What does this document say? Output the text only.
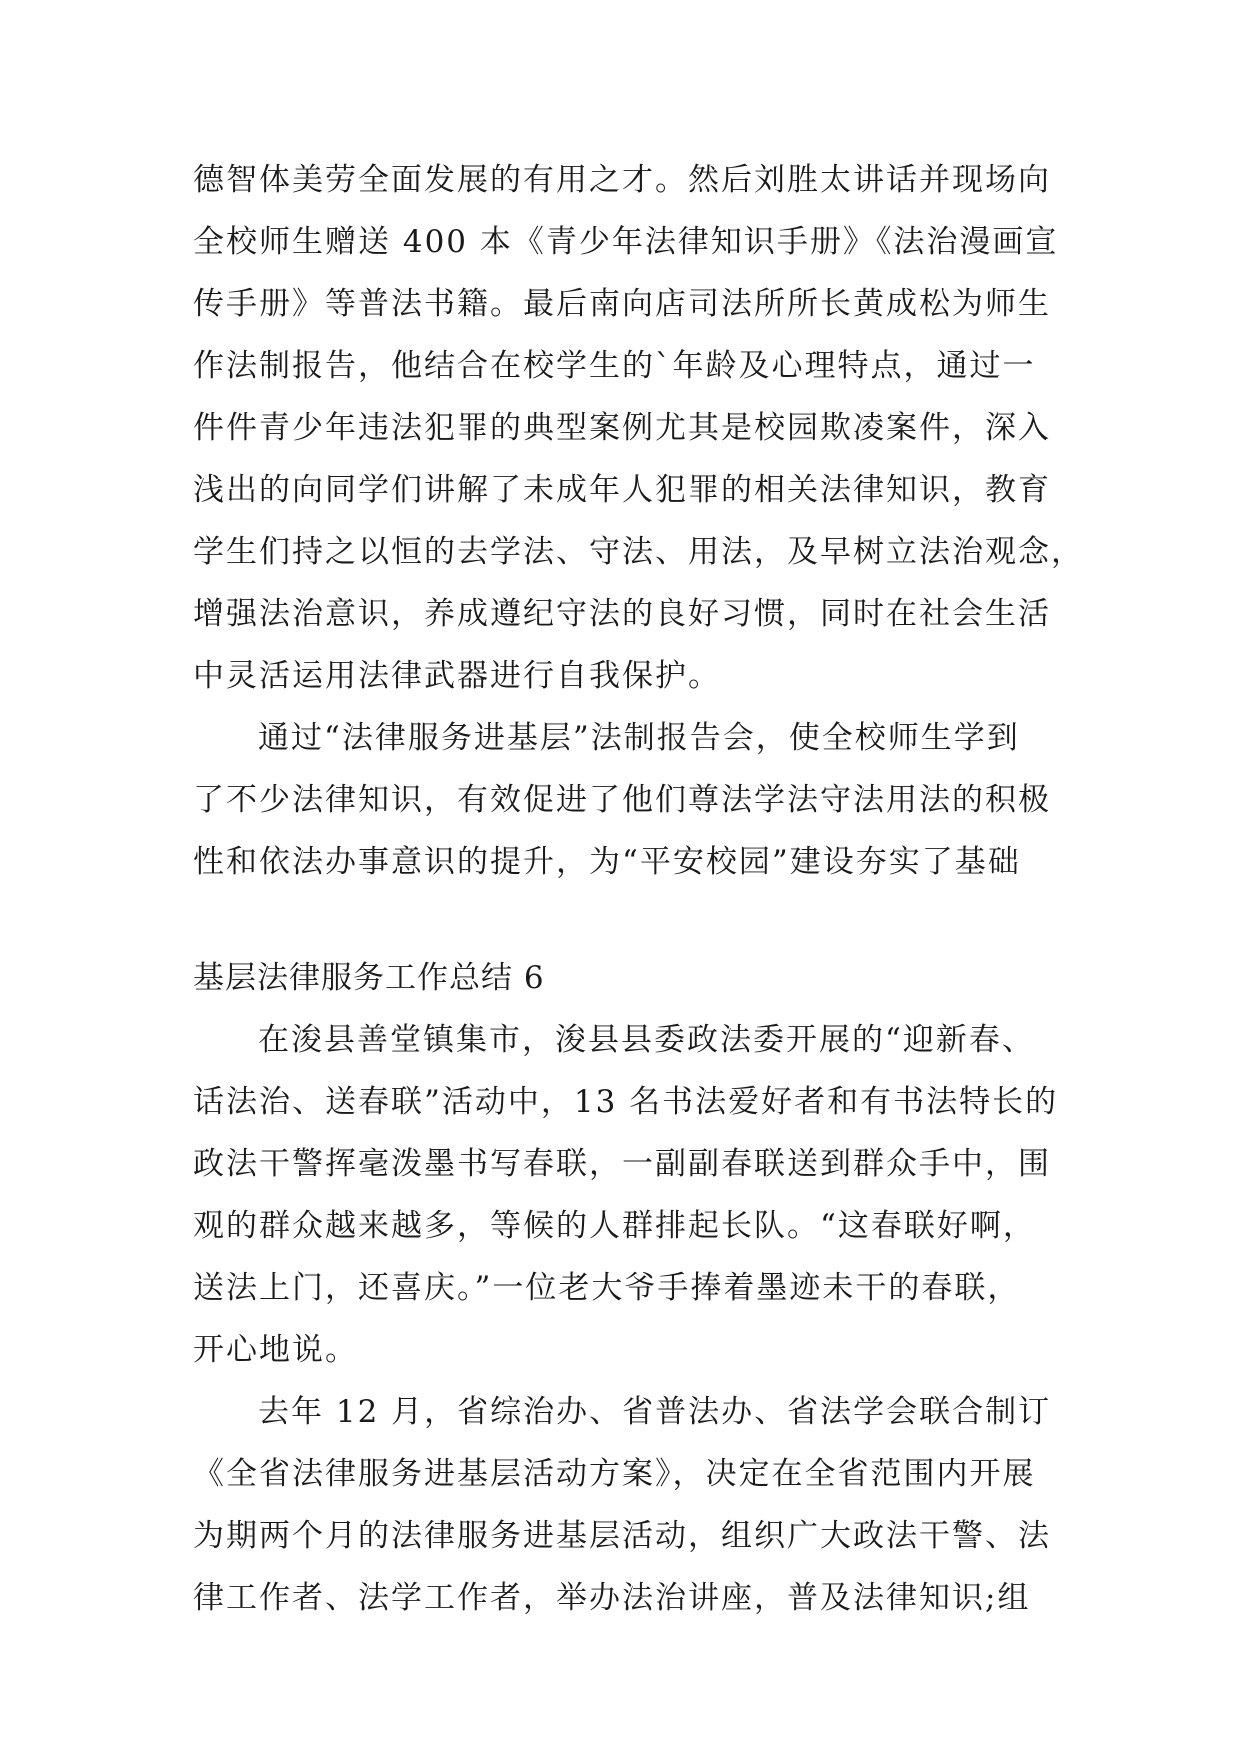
德智体美劳全面发展的有用之才。然后刘胜太讲话并现场向
全校师生赠送 400 本《青少年法律知识手册》《法治漫画宣
传手册》等普法书籍。最后南向店司法所所长黄成松为师生
作法制报告，他结合在校学生的`年龄及心理特点，通过一
件件青少年违法犯罪的典型案例尤其是校园欺凌案件，深入
浅出的向同学们讲解了未成年人犯罪的相关法律知识，教育
学生们持之以恒的去学法、守法、用法，及早树立法治观念，
增强法治意识，养成遵纪守法的良好习惯，同时在社会生活
中灵活运用法律武器进行自我保护。
通过“法律服务进基层”法制报告会，使全校师生学到
了不少法律知识，有效促进了他们尊法学法守法用法的积极
性和依法办事意识的提升，为“平安校园”建设夯实了基础
基层法律服务工作总结 6
在浚县善堂镇集市，浚县县委政法委开展的“迎新春、
话法治、送春联”活动中，13 名书法爱好者和有书法特长的
政法干警挥毫泼墨书写春联，一副副春联送到群众手中，围
观的群众越来越多，等候的人群排起长队。“这春联好啊，
送法上门，还喜庆。”一位老大爷手捧着墨迹未干的春联，
开心地说。
去年 12 月，省综治办、省普法办、省法学会联合制订
《全省法律服务进基层活动方案》，决定在全省范围内开展
为期两个月的法律服务进基层活动，组织广大政法干警、法
律工作者、法学工作者，举办法治讲座，普及法律知识;组
